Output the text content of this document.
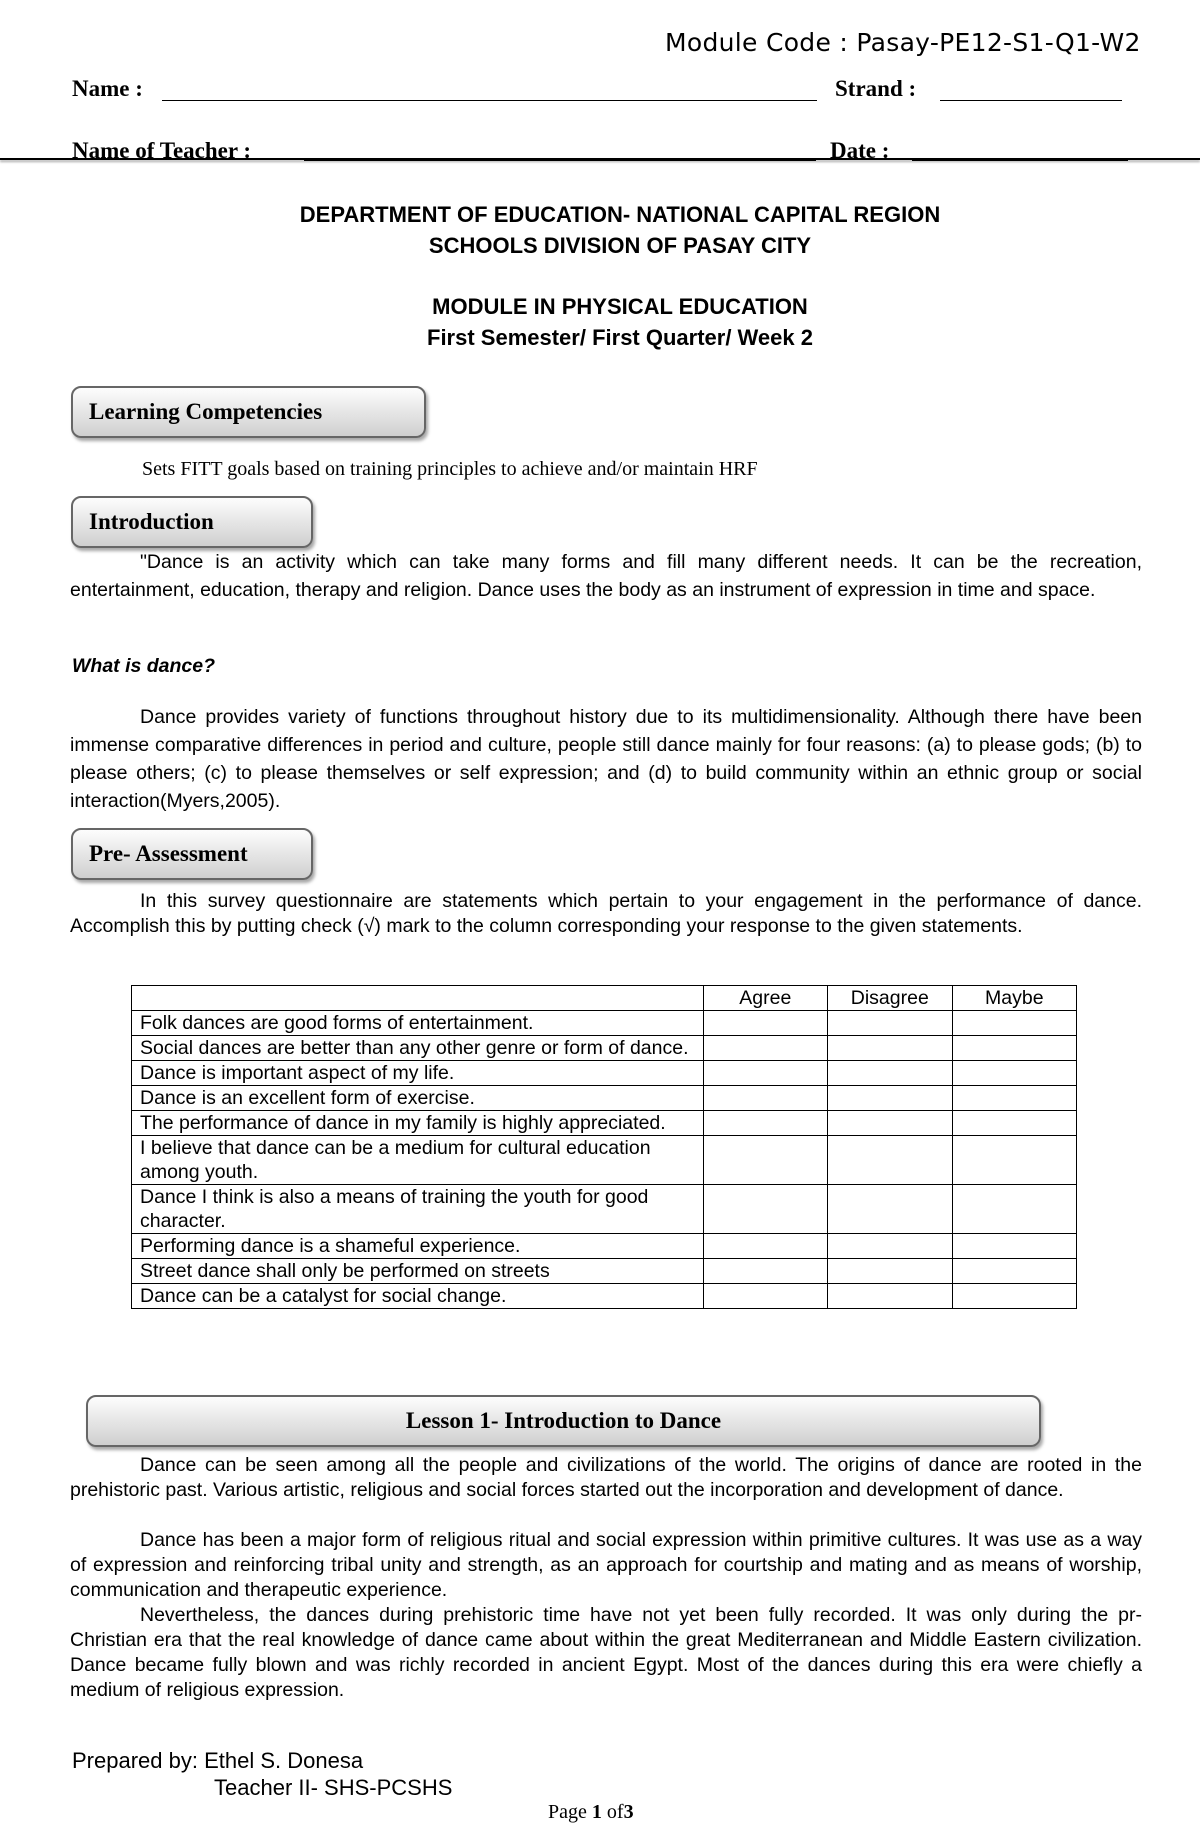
Module Code : Pasay-PE12-S1-Q1-W2
Name :	Strand :
Name of Teacher :	Date :
DEPARTMENT OF EDUCATION- NATIONAL CAPITAL REGION
SCHOOLS DIVISION OF PASAY CITY
MODULE IN PHYSICAL EDUCATION
First Semester/ First Quarter/ Week 2
Learning Competencies
Sets FITT goals based on training principles to achieve and/or maintain HRF
Introduction
"Dance is an activity which can take many forms and fill many different needs. It can be the recreation, entertainment, education, therapy and religion. Dance uses the body as an instrument of expression in time and space.
What is dance?
Dance provides variety of functions throughout history due to its multidimensionality. Although there have been immense comparative differences in period and culture, people still dance mainly for four reasons: (a) to please gods; (b) to please others; (c) to please themselves or self expression; and (d) to build community within an ethnic group or social interaction(Myers,2005).
Pre- Assessment
In this survey questionnaire are statements which pertain to your engagement in the performance of dance. Accomplish this by putting check (√) mark to the column corresponding your response to the given statements.
	Agree	Disagree	Maybe
Folk dances are good forms of entertainment.			
Social dances are better than any other genre or form of dance.			
Dance is important aspect of my life.			
Dance is an excellent form of exercise.			
The performance of dance in my family is highly appreciated.			
I believe that dance can be a medium for cultural education among youth.			
Dance I think is also a means of training the youth for good character.			
Performing dance is a shameful experience.			
Street dance shall only be performed on streets			
Dance can be a catalyst for social change.			
Lesson 1- Introduction to Dance
Dance can be seen among all the people and civilizations of the world. The origins of dance are rooted in the prehistoric past. Various artistic, religious and social forces started out the incorporation and development of dance.
Dance has been a major form of religious ritual and social expression within primitive cultures. It was use as a way of expression and reinforcing tribal unity and strength, as an approach for courtship and mating and as means of worship, communication and therapeutic experience.
Nevertheless, the dances during prehistoric time have not yet been fully recorded. It was only during the pr- Christian era that the real knowledge of dance came about within the great Mediterranean and Middle Eastern civilization. Dance became fully blown and was richly recorded in ancient Egypt. Most of the dances during this era were chiefly a medium of religious expression.
Prepared by: Ethel S. Donesa
Teacher II- SHS-PCSHS
Page 1 of3
